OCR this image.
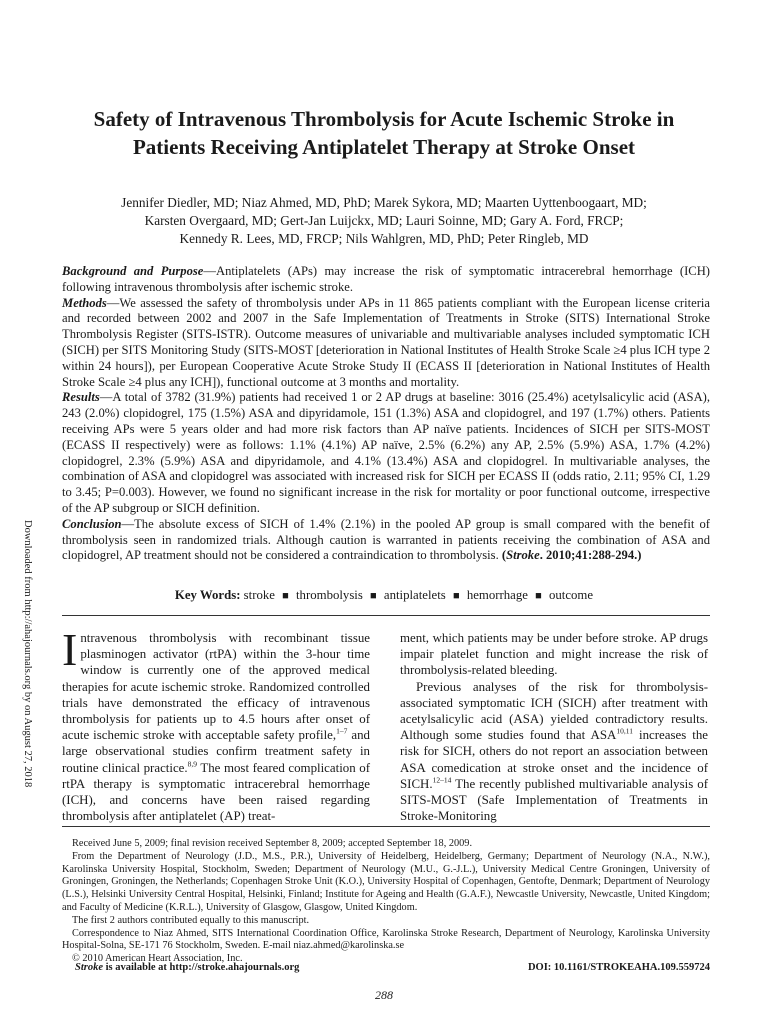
Downloaded from http://ahajournals.org by on August 27, 2018
Safety of Intravenous Thrombolysis for Acute Ischemic Stroke in Patients Receiving Antiplatelet Therapy at Stroke Onset
Jennifer Diedler, MD; Niaz Ahmed, MD, PhD; Marek Sykora, MD; Maarten Uyttenboogaart, MD;
Karsten Overgaard, MD; Gert-Jan Luijckx, MD; Lauri Soinne, MD; Gary A. Ford, FRCP;
Kennedy R. Lees, MD, FRCP; Nils Wahlgren, MD, PhD; Peter Ringleb, MD

Background and Purpose—Antiplatelets (APs) may increase the risk of symptomatic intracerebral hemorrhage (ICH) following intravenous thrombolysis after ischemic stroke.

Methods—We assessed the safety of thrombolysis under APs in 11 865 patients compliant with the European license criteria and recorded between 2002 and 2007 in the Safe Implementation of Treatments in Stroke (SITS) International Stroke Thrombolysis Register (SITS-ISTR). Outcome measures of univariable and multivariable analyses included symptomatic ICH (SICH) per SITS Monitoring Study (SITS-MOST [deterioration in National Institutes of Health Stroke Scale ≥4 plus ICH type 2 within 24 hours]), per European Cooperative Acute Stroke Study II (ECASS II [deterioration in National Institutes of Health Stroke Scale ≥4 plus any ICH]), functional outcome at 3 months and mortality.

Results—A total of 3782 (31.9%) patients had received 1 or 2 AP drugs at baseline: 3016 (25.4%) acetylsalicylic acid (ASA), 243 (2.0%) clopidogrel, 175 (1.5%) ASA and dipyridamole, 151 (1.3%) ASA and clopidogrel, and 197 (1.7%) others. Patients receiving APs were 5 years older and had more risk factors than AP naïve patients. Incidences of SICH per SITS-MOST (ECASS II respectively) were as follows: 1.1% (4.1%) AP naïve, 2.5% (6.2%) any AP, 2.5% (5.9%) ASA, 1.7% (4.2%) clopidogrel, 2.3% (5.9%) ASA and dipyridamole, and 4.1% (13.4%) ASA and clopidogrel. In multivariable analyses, the combination of ASA and clopidogrel was associated with increased risk for SICH per ECASS II (odds ratio, 2.11; 95% CI, 1.29 to 3.45; P=0.003). However, we found no significant increase in the risk for mortality or poor functional outcome, irrespective of the AP subgroup or SICH definition.

Conclusion—The absolute excess of SICH of 1.4% (2.1%) in the pooled AP group is small compared with the benefit of thrombolysis seen in randomized trials. Although caution is warranted in patients receiving the combination of ASA and clopidogrel, AP treatment should not be considered a contraindication to thrombolysis. (Stroke. 2010;41:288-294.)

Key Words: stroke ■ thrombolysis ■ antiplatelets ■ hemorrhage ■ outcome

Intravenous thrombolysis with recombinant tissue plasminogen activator (rtPA) within the 3-hour time window is currently one of the approved medical therapies for acute ischemic stroke. Randomized controlled trials have demonstrated the efficacy of intravenous thrombolysis for patients up to 4.5 hours after onset of acute ischemic stroke with acceptable safety profile,$^{1-7}$ and large observational studies confirm treatment safety in routine clinical practice.$^{8,9}$ The most feared complication of rtPA therapy is symptomatic intracerebral hemorrhage (ICH), and concerns have been raised regarding thrombolysis after antiplatelet (AP) treat-

ment, which patients may be under before stroke. AP drugs impair platelet function and might increase the risk of thrombolysis-related bleeding.

Previous analyses of the risk for thrombolysis-associated symptomatic ICH (SICH) after treatment with acetylsalicylic acid (ASA) yielded contradictory results. Although some studies found that ASA$^{10,11}$ increases the risk for SICH, others do not report an association between ASA comedication at stroke onset and the incidence of SICH.$^{12-14}$ The recently published multivariable analysis of SITS-MOST (Safe Implementation of Treatments in Stroke-Monitoring

Received June 5, 2009; final revision received September 8, 2009; accepted September 18, 2009.

From the Department of Neurology (J.D., M.S., P.R.), University of Heidelberg, Heidelberg, Germany; Department of Neurology (N.A., N.W.), Karolinska University Hospital, Stockholm, Sweden; Department of Neurology (M.U., G.-J.L.), University Medical Centre Groningen, University of Groningen, Groningen, the Netherlands; Copenhagen Stroke Unit (K.O.), University Hospital of Copenhagen, Gentofte, Denmark; Department of Neurology (L.S.), Helsinki University Central Hospital, Helsinki, Finland; Institute for Ageing and Health (G.A.F.), Newcastle University, Newcastle, United Kingdom; and Faculty of Medicine (K.R.L.), University of Glasgow, Glasgow, United Kingdom.

The first 2 authors contributed equally to this manuscript.

Correspondence to Niaz Ahmed, SITS International Coordination Office, Karolinska Stroke Research, Department of Neurology, Karolinska University Hospital-Solna, SE-171 76 Stockholm, Sweden. E-mail niaz.ahmed@karolinska.se

© 2010 American Heart Association, Inc.

Stroke is available at http://stroke.ahajournals.org	DOI: 10.1161/STROKEAHA.109.559724
288
